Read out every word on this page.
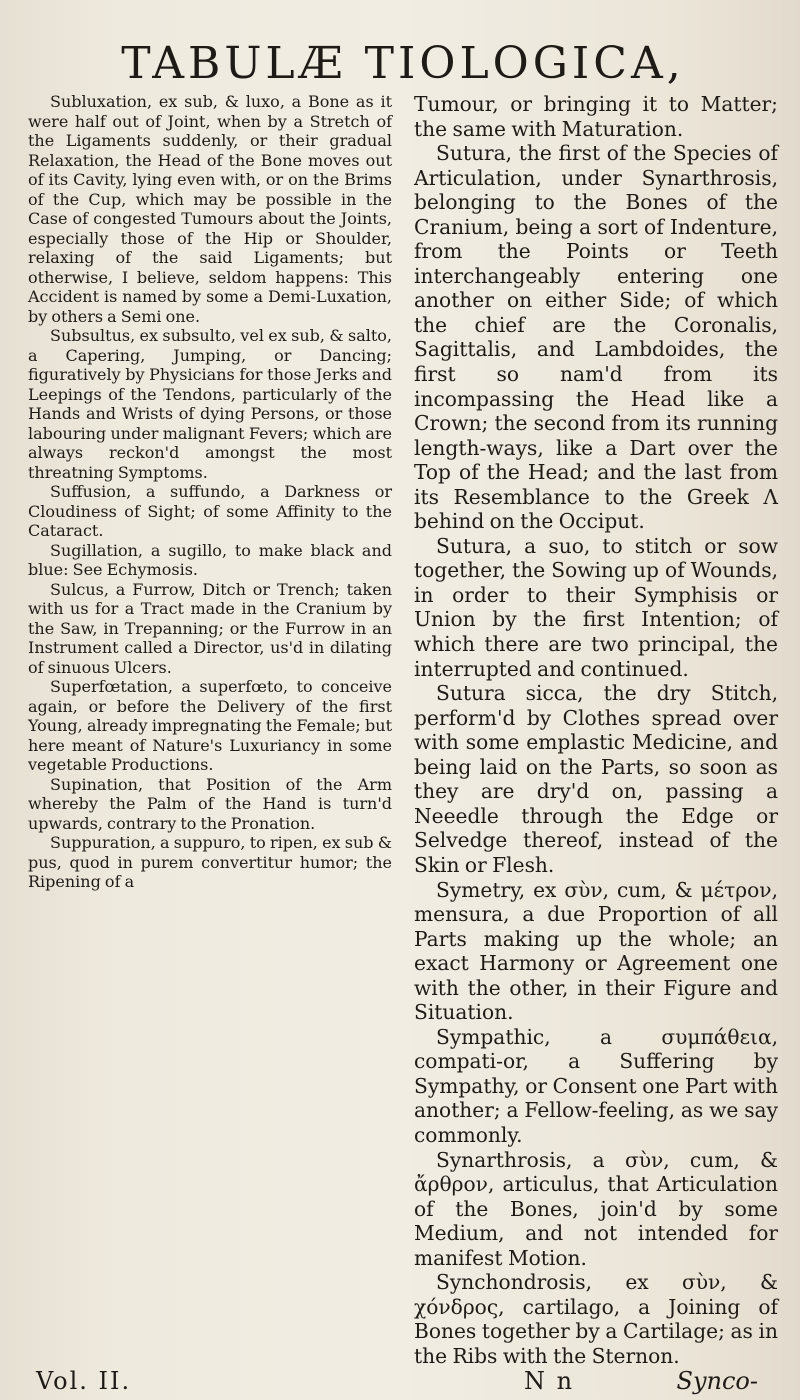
TABULÆ TIOLOGICA,

Subluxation, ex sub, & luxo, a Bone as it were half out of Joint, when by a Stretch of the Ligaments suddenly, or their gradual Relaxation, the Head of the Bone moves out of its Cavity, lying even with, or on the Brims of the Cup, which may be possible in the Case of congested Tumours about the Joints, especially those of the Hip or Shoulder, relaxing of the said Ligaments; but otherwise, I believe, seldom happens: This Accident is named by some a Demi-Luxation, by others a Semi one.

Subsultus, ex subsulto, vel ex sub, & salto, a Capering, Jumping, or Dancing; figuratively by Physicians for those Jerks and Leepings of the Tendons, particularly of the Hands and Wrists of dying Persons, or those labouring under malignant Fevers; which are always reckon'd amongst the most threatning Symptoms.

Suffusion, a suffundo, a Darkness or Cloudiness of Sight; of some Affinity to the Cataract.

Sugillation, a sugillo, to make black and blue: See Echymosis.

Sulcus, a Furrow, Ditch or Trench; taken with us for a Tract made in the Cranium by the Saw, in Trepanning; or the Furrow in an Instrument called a Director, us'd in dilating of sinuous Ulcers.

Superfœtation, a superfœto, to conceive again, or before the Delivery of the first Young, already impregnating the Female; but here meant of Nature's Luxuriancy in some vegetable Productions.

Supination, that Position of the Arm whereby the Palm of the Hand is turn'd upwards, contrary to the Pronation.

Suppuration, a suppuro, to ripen, ex sub & pus, quod in purem convertitur humor; the Ripening of a

Tumour, or bringing it to Matter; the same with Maturation.

Sutura, the first of the Species of Articulation, under Synarthrosis, belonging to the Bones of the Cranium, being a sort of Indenture, from the Points or Teeth interchangeably entering one another on either Side; of which the chief are the Coronalis, Sagittalis, and Lambdoides, the first so nam'd from its incompassing the Head like a Crown; the second from its running length-ways, like a Dart over the Top of the Head; and the last from its Resemblance to the Greek Λ behind on the Occiput.

Sutura, a suo, to stitch or sow together, the Sowing up of Wounds, in order to their Symphisis or Union by the first Intention; of which there are two principal, the interrupted and continued.

Sutura sicca, the dry Stitch, perform'd by Clothes spread over with some emplastic Medicine, and being laid on the Parts, so soon as they are dry'd on, passing a Neeedle through the Edge or Selvedge thereof, instead of the Skin or Flesh.

Symetry, ex σὺν, cum, & μέτρον, mensura, a due Proportion of all Parts making up the whole; an exact Harmony or Agreement one with the other, in their Figure and Situation.

Sympathic, a συμπάθεια, compati-or, a Suffering by Sympathy, or Consent one Part with another; a Fellow-feeling, as we say commonly.

Synarthrosis, a σὺν, cum, & ἄρθρον, articulus, that Articulation of the Bones, join'd by some Medium, and not intended for manifest Motion.

Synchondrosis, ex σὺν, & χόνδρος, cartilago, a Joining of Bones together by a Cartilage; as in the Ribs with the Sternon.

Vol. II.	N n	Synco-
